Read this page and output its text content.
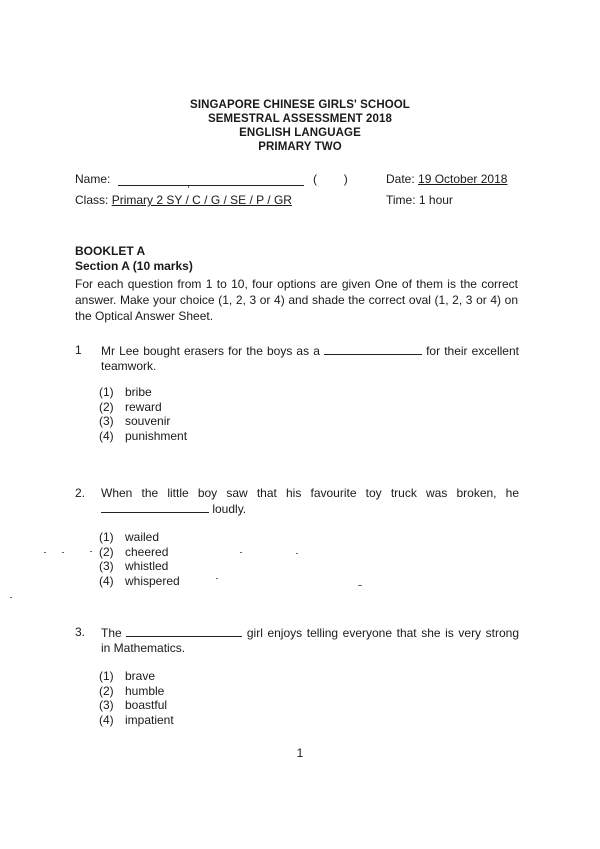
SINGAPORE CHINESE GIRLS' SCHOOL
SEMESTRAL ASSESSMENT 2018
ENGLISH LANGUAGE
PRIMARY TWO
Name:	(        )	Date: 19 October 2018
Class: Primary 2 SY / C / G / SE / P / GR	Time: 1 hour
BOOKLET A
Section A (10 marks)
For each question from 1 to 10, four options are given One of them is the correct answer. Make your choice (1, 2, 3 or 4) and shade the correct oval (1, 2, 3 or 4) on the Optical Answer Sheet.
1 Mr Lee bought erasers for the boys as a	for their excellent teamwork.
(1) bribe
(2) reward
(3) souvenir
(4) punishment
2. When the little boy saw that his favourite toy truck was broken, he  loudly.
(1) wailed
(2) cheered
(3) whistled
(4) whispered
3. The	girl enjoys telling everyone that she is very strong in Mathematics.
(1) brave
(2) humble
(3) boastful
(4) impatient
1
